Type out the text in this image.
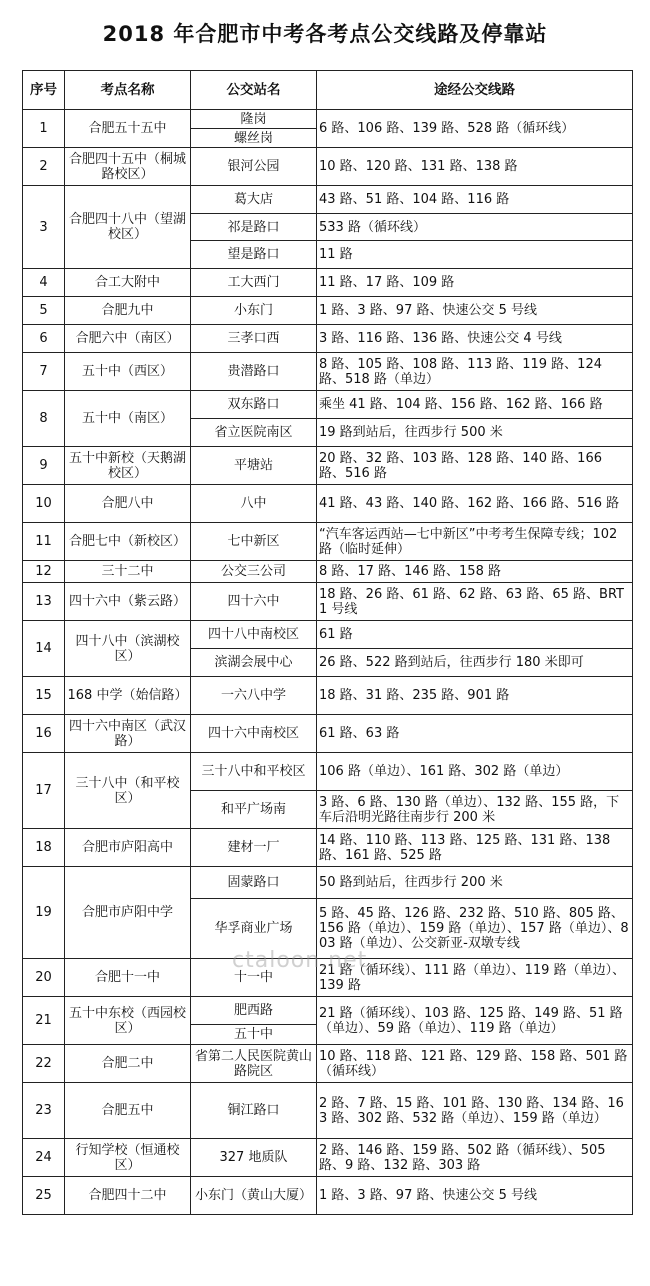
2018 年合肥市中考各考点公交线路及停靠站
序号	考点名称	公交站名	途经公交线路
1	合肥五十五中	隆岗	6 路、106 路、139 路、528 路（循环线）
		螺丝岗	
2	合肥四十五中（桐城路校区）	银河公园	10 路、120 路、131 路、138 路
3	合肥四十八中（望湖校区）	葛大店	43 路、51 路、104 路、116 路
		祁是路口	533 路（循环线）
		望是路口	11 路
4	合工大附中	工大西门	11 路、17 路、109 路
5	合肥九中	小东门	1 路、3 路、97 路、快速公交 5 号线
6	合肥六中（南区）	三孝口西	3 路、116 路、136 路、快速公交 4 号线
7	五十中（西区）	贵潜路口	8 路、105 路、108 路、113 路、119 路、124 路、518 路（单边）
8	五十中（南区）	双东路口	乘坐 41 路、104 路、156 路、162 路、166 路
		省立医院南区	19 路到站后，往西步行 500 米
9	五十中新校（天鹅湖校区）	平塘站	20 路、32 路、103 路、128 路、140 路、166 路、516 路
10	合肥八中	八中	41 路、43 路、140 路、162 路、166 路、516 路
11	合肥七中（新校区）	七中新区	“汽车客运西站—七中新区”中考考生保障专线；102 路（临时延伸）
12	三十二中	公交三公司	8 路、17 路、146 路、158 路
13	四十六中（紫云路）	四十六中	18 路、26 路、61 路、62 路、63 路、65 路、BRT1 号线
14	四十八中（滨湖校区）	四十八中南校区	61 路
		滨湖会展中心	26 路、522 路到站后，往西步行 180 米即可
15	168 中学（始信路）	一六八中学	18 路、31 路、235 路、901 路
16	四十六中南区（武汉路）	四十六中南校区	61 路、63 路
17	三十八中（和平校区）	三十八中和平校区	106 路（单边）、161 路、302 路（单边）
		和平广场南	3 路、6 路、130 路（单边）、132 路、155 路，下车后沿明光路往南步行 200 米
18	合肥市庐阳高中	建材一厂	14 路、110 路、113 路、125 路、131 路、138 路、161 路、525 路
19	合肥市庐阳中学	固蒙路口	50 路到站后，往西步行 200 米
		华孚商业广场	5 路、45 路、126 路、232 路、510 路、805 路、156 路（单边）、159 路（单边）、157 路（单边）、803 路（单边）、公交新亚-双墩专线
20	合肥十一中	十一中	21 路（循环线）、111 路（单边）、119 路（单边）、139 路
21	五十中东校（西园校区）	肥西路	21 路（循环线）、103 路、125 路、149 路、51 路（单边）、59 路（单边）、119 路（单边）
		五十中	
22	合肥二中	省第二人民医院黄山路院区	10 路、118 路、121 路、129 路、158 路、501 路（循环线）
23	合肥五中	铜江路口	2 路、7 路、15 路、101 路、130 路、134 路、163 路、302 路、532 路（单边）、159 路（单边）
24	行知学校（恒通校区）	327 地质队	2 路、146 路、159 路、502 路（循环线）、505 路、9 路、132 路、303 路
25	合肥四十二中	小东门（黄山大厦）	1 路、3 路、97 路、快速公交 5 号线
ctaloon.net
